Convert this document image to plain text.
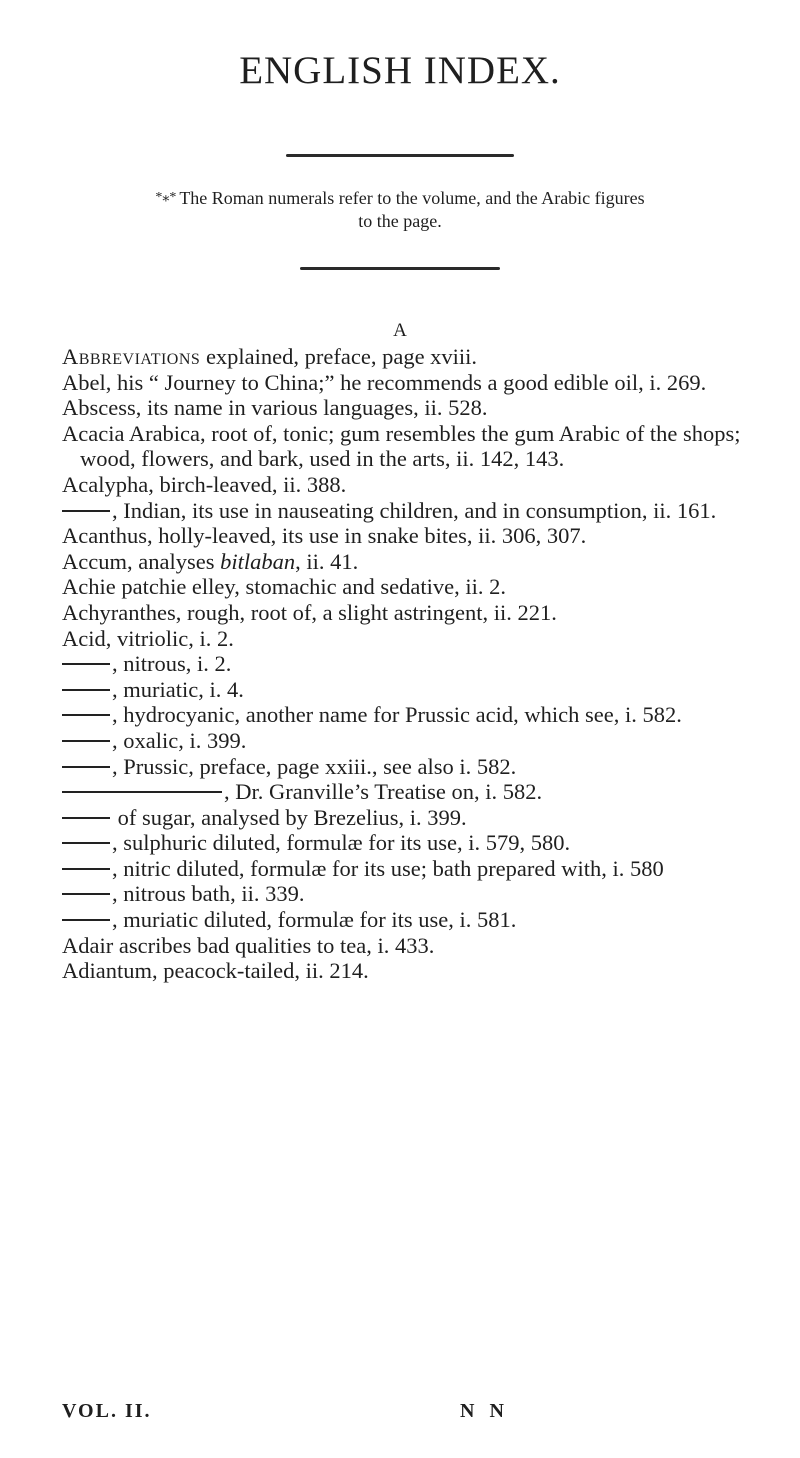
ENGLISH INDEX.
*⁎* The Roman numerals refer to the volume, and the Arabic figures to the page.
A
Abbreviations explained, preface, page xviii.
Abel, his “ Journey to China;” he recommends a good edible oil, i. 269.
Abscess, its name in various languages, ii. 528.
Acacia Arabica, root of, tonic; gum resembles the gum Arabic of the shops; wood, flowers, and bark, used in the arts, ii. 142, 143.
Acalypha, birch-leaved, ii. 388.
, Indian, its use in nauseating children, and in consumption, ii. 161.
Acanthus, holly-leaved, its use in snake bites, ii. 306, 307.
Accum, analyses bitlaban, ii. 41.
Achie patchie elley, stomachic and sedative, ii. 2.
Achyranthes, rough, root of, a slight astringent, ii. 221.
Acid, vitriolic, i. 2.
, nitrous, i. 2.
, muriatic, i. 4.
, hydrocyanic, another name for Prussic acid, which see, i. 582.
, oxalic, i. 399.
, Prussic, preface, page xxiii., see also i. 582.
, Dr. Granville’s Treatise on, i. 582.
of sugar, analysed by Brezelius, i. 399.
, sulphuric diluted, formulæ for its use, i. 579, 580.
, nitric diluted, formulæ for its use; bath prepared with, i. 580
, nitrous bath, ii. 339.
, muriatic diluted, formulæ for its use, i. 581.
Adair ascribes bad qualities to tea, i. 433.
Adiantum, peacock-tailed, ii. 214.
VOL. II.	N N
